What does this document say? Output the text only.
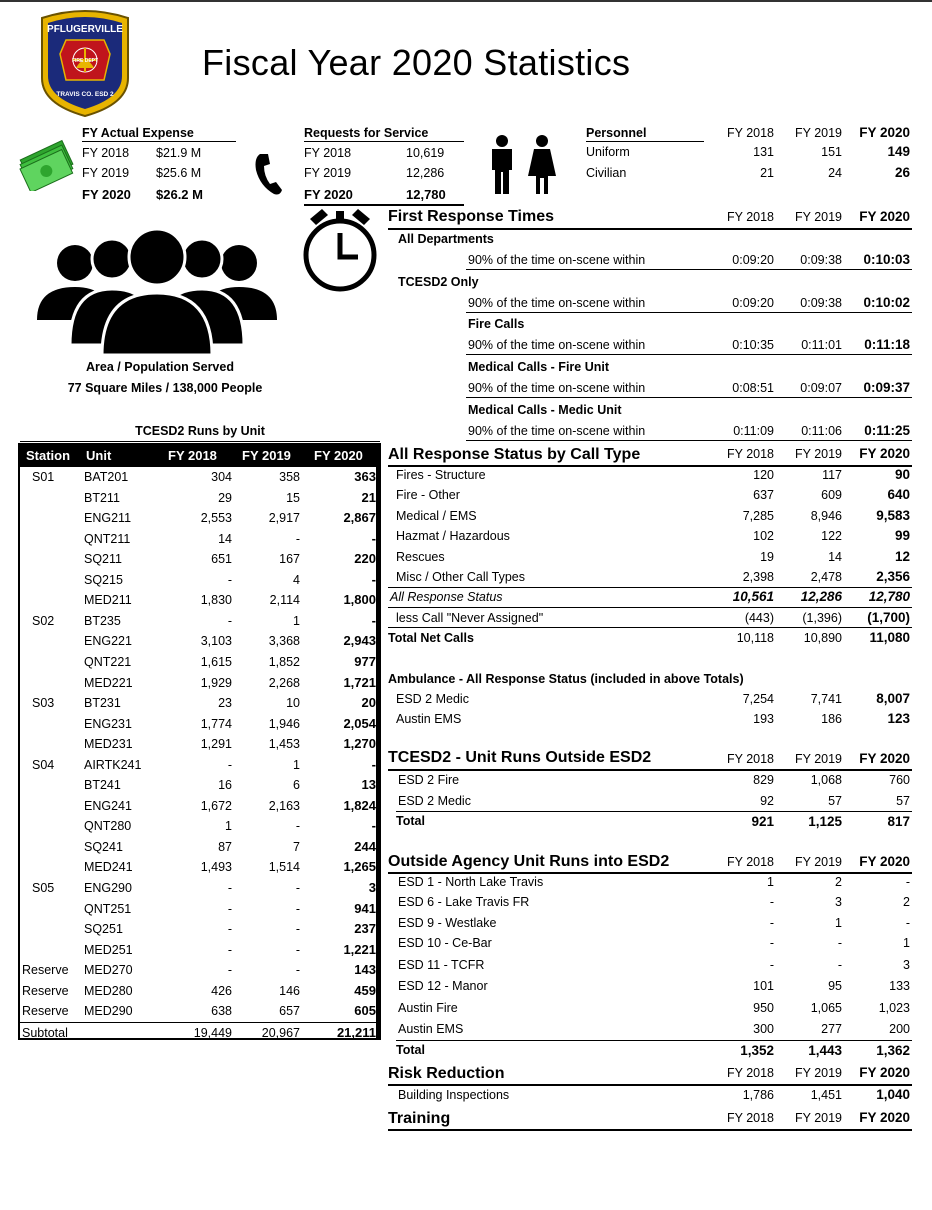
PFLUGERVILLE
FIRE DEPT
TRAVIS CO. ESD 2
Fiscal Year 2020 Statistics
FY Actual Expense	Requests for Service	Personnel	FY 2018	FY 2019	FY 2020
Area / Population Served
77 Square Miles / 138,000 People
First Response Times	FY 2018	FY 2019	FY 2020
TCESD2 Runs by Unit
Station Unit	FY 2018 FY 2019 FY 2020
S01 BAT201	304	358	363
BT211	29	15	21
ENG211	2,553	2,917	2,867
QNT211	14	-	-
SQ211	651	167	220
SQ215	-	4	-
MED211	1,830	2,114	1,800
S02 BT235	-	1	-
ENG221	3,103	3,368	2,943
QNT221	1,615	1,852	977
MED221	1,929	2,268	1,721
S03 BT231	23	10	20
ENG231	1,774	1,946	2,054
MED231	1,291	1,453	1,270
S04 AIRTK241	-	1	-
BT241	16	6	13
ENG241	1,672	2,163	1,824
QNT280	1	-	-
SQ241	87	7	244
MED241	1,493	1,514	1,265
S05 ENG290	-	-	3
QNT251	-	-	941
SQ251	-	-	237
MED251	-	-	1,221
Reserve MED270	-	-	143
Reserve MED280	426	146	459
Reserve MED290	638	657	605
Subtotal	19,449	20,967	21,211
All Response Status by Call Type	FY 2018	FY 2019	FY 2020
Ambulance - All Response Status (included in above Totals)
TCESD2 - Unit Runs Outside ESD2	FY 2018	FY 2019	FY 2020
Outside Agency Unit Runs into ESD2	FY 2018	FY 2019	FY 2020
Risk Reduction	FY 2018	FY 2019	FY 2020
Training	FY 2018	FY 2019	FY 2020
FY 2018 $21.9 M
FY 2019 $25.6 M
FY 2020 $26.2 M
FY 2018	10,619
FY 2019	12,286
FY 2020	12,780
Uniform	131	151	149
Civilian	21	24	26
All Departments
90% of the time on-scene within	0:09:20	0:09:38	0:10:03
TCESD2 Only
90% of the time on-scene within	0:09:20	0:09:38	0:10:02
Fire Calls
90% of the time on-scene within	0:10:35	0:11:01	0:11:18
Medical Calls - Fire Unit
90% of the time on-scene within	0:08:51	0:09:07	0:09:37
Medical Calls - Medic Unit
90% of the time on-scene within	0:11:09	0:11:06	0:11:25
Fires - Structure	120	117	90
Fire - Other	637	609	640
Medical / EMS	7,285	8,946	9,583
Hazmat / Hazardous	102	122	99
Rescues	19	14	12
Misc / Other Call Types	2,398	2,478	2,356
All Response Status	10,561	12,286	12,780
less Call "Never Assigned"	(443)	(1,396)	(1,700)
Total Net Calls	10,118	10,890	11,080
ESD 2 Medic	7,254	7,741	8,007
Austin EMS	193	186	123
ESD 2 Fire	829	1,068	760
ESD 2 Medic	92	57	57
Total	921	1,125	817
ESD 1 - North Lake Travis	1	2	-
ESD 6 - Lake Travis FR	-	3	2
ESD 9 - Westlake	-	1	-
ESD 10 - Ce-Bar	-	-	1
ESD 11 - TCFR	-	-	3
ESD 12 - Manor	101	95	133
Austin Fire	950	1,065	1,023
Austin EMS	300	277	200
Total	1,352	1,443	1,362
Building Inspections	1,786	1,451	1,040
